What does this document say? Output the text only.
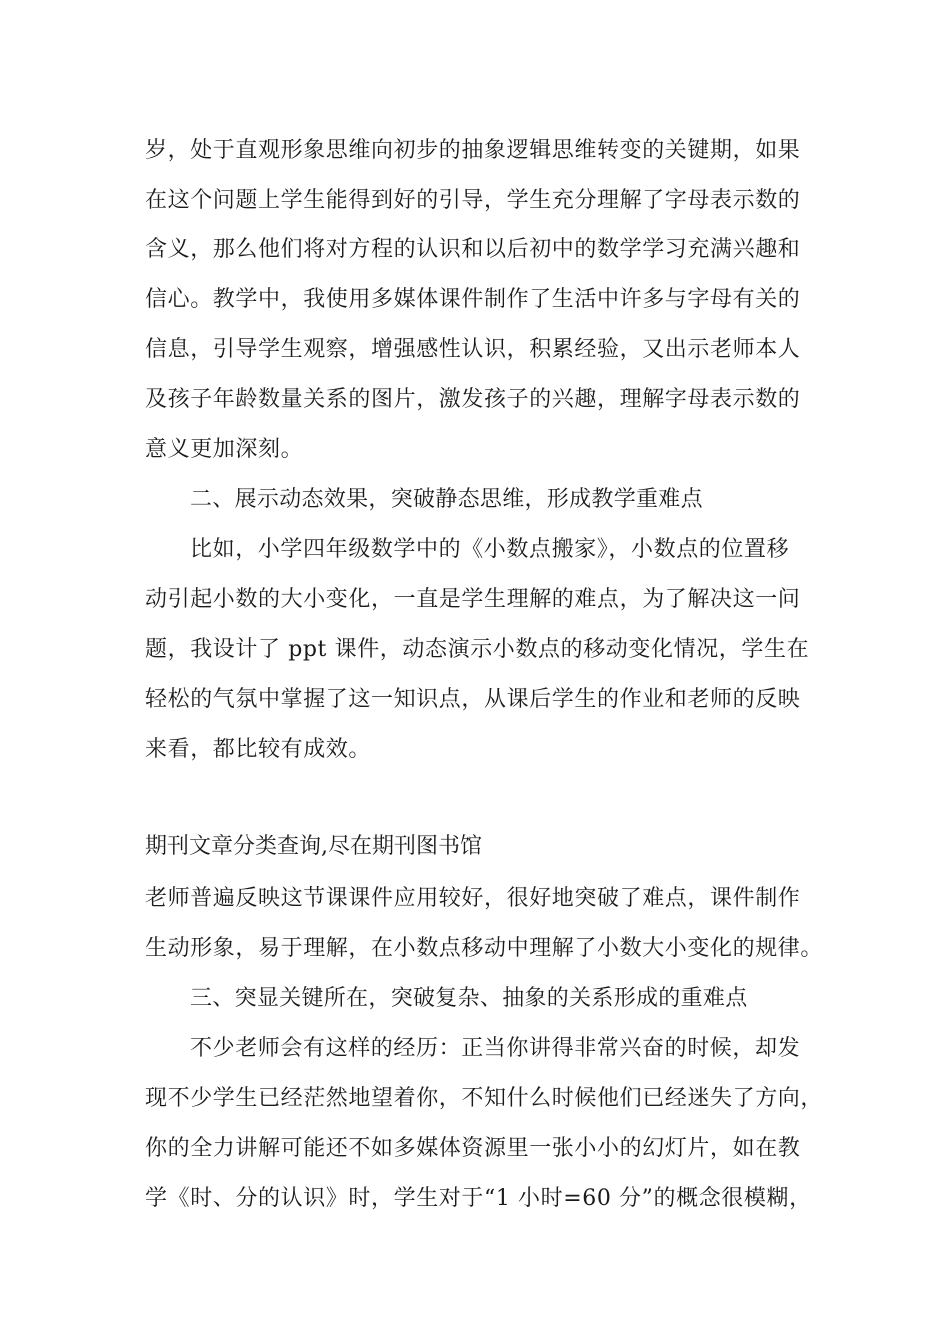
岁，处于直观形象思维向初步的抽象逻辑思维转变的关键期，如果
在这个问题上学生能得到好的引导，学生充分理解了字母表示数的
含义，那么他们将对方程的认识和以后初中的数学学习充满兴趣和
信心。教学中，我使用多媒体课件制作了生活中许多与字母有关的
信息，引导学生观察，增强感性认识，积累经验，又出示老师本人
及孩子年龄数量关系的图片，激发孩子的兴趣，理解字母表示数的
意义更加深刻。
二、展示动态效果，突破静态思维，形成教学重难点
比如，小学四年级数学中的《小数点搬家》，小数点的位置移
动引起小数的大小变化，一直是学生理解的难点，为了解决这一问
题，我设计了 ppt 课件，动态演示小数点的移动变化情况，学生在
轻松的气氛中掌握了这一知识点，从课后学生的作业和老师的反映
来看，都比较有成效。
期刊文章分类查询,尽在期刊图书馆
老师普遍反映这节课课件应用较好，很好地突破了难点，课件制作
生动形象，易于理解，在小数点移动中理解了小数大小变化的规律。
三、突显关键所在，突破复杂、抽象的关系形成的重难点
不少老师会有这样的经历：正当你讲得非常兴奋的时候，却发
现不少学生已经茫然地望着你，不知什么时候他们已经迷失了方向，
你的全力讲解可能还不如多媒体资源里一张小小的幻灯片，如在教
学《时、分的认识》时，学生对于“1 小时=60 分”的概念很模糊，
